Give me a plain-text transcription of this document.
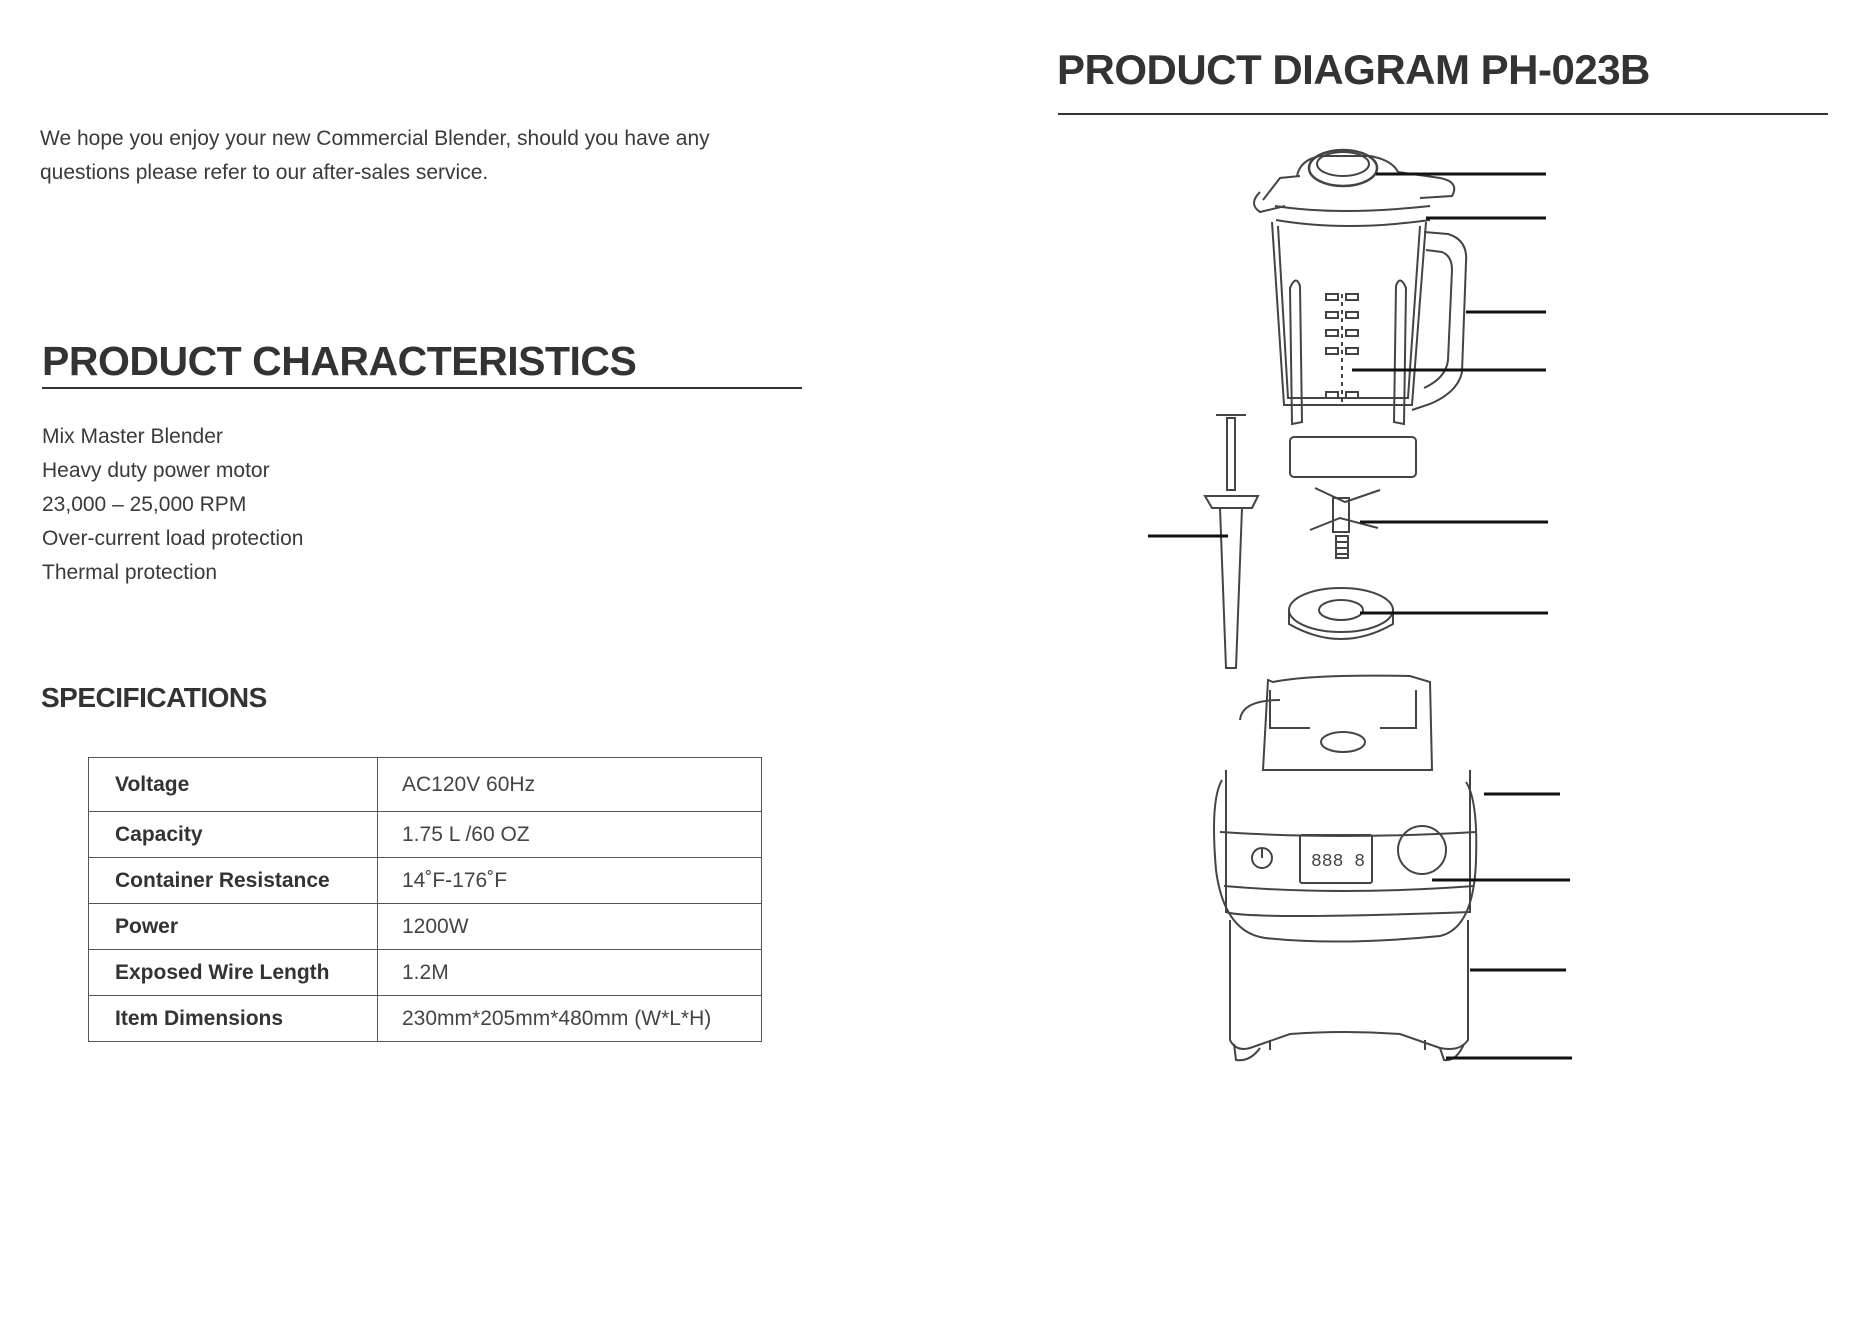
We hope you enjoy your new Commercial Blender, should you have any

questions please refer to our after-sales service.

PRODUCT CHARACTERISTICS
Mix Master Blender
Heavy duty power motor
23,000 – 25,000 RPM
Over-current load protection
Thermal protection
SPECIFICATIONS
Voltage	AC120V 60Hz
Capacity	1.75 L /60 OZ
Container Resistance	14˚F-176˚F
Power	1200W
Exposed Wire Length	1.2M
Item Dimensions	230mm*205mm*480mm (W*L*H)
PRODUCT DIAGRAM PH-023B
888 8
